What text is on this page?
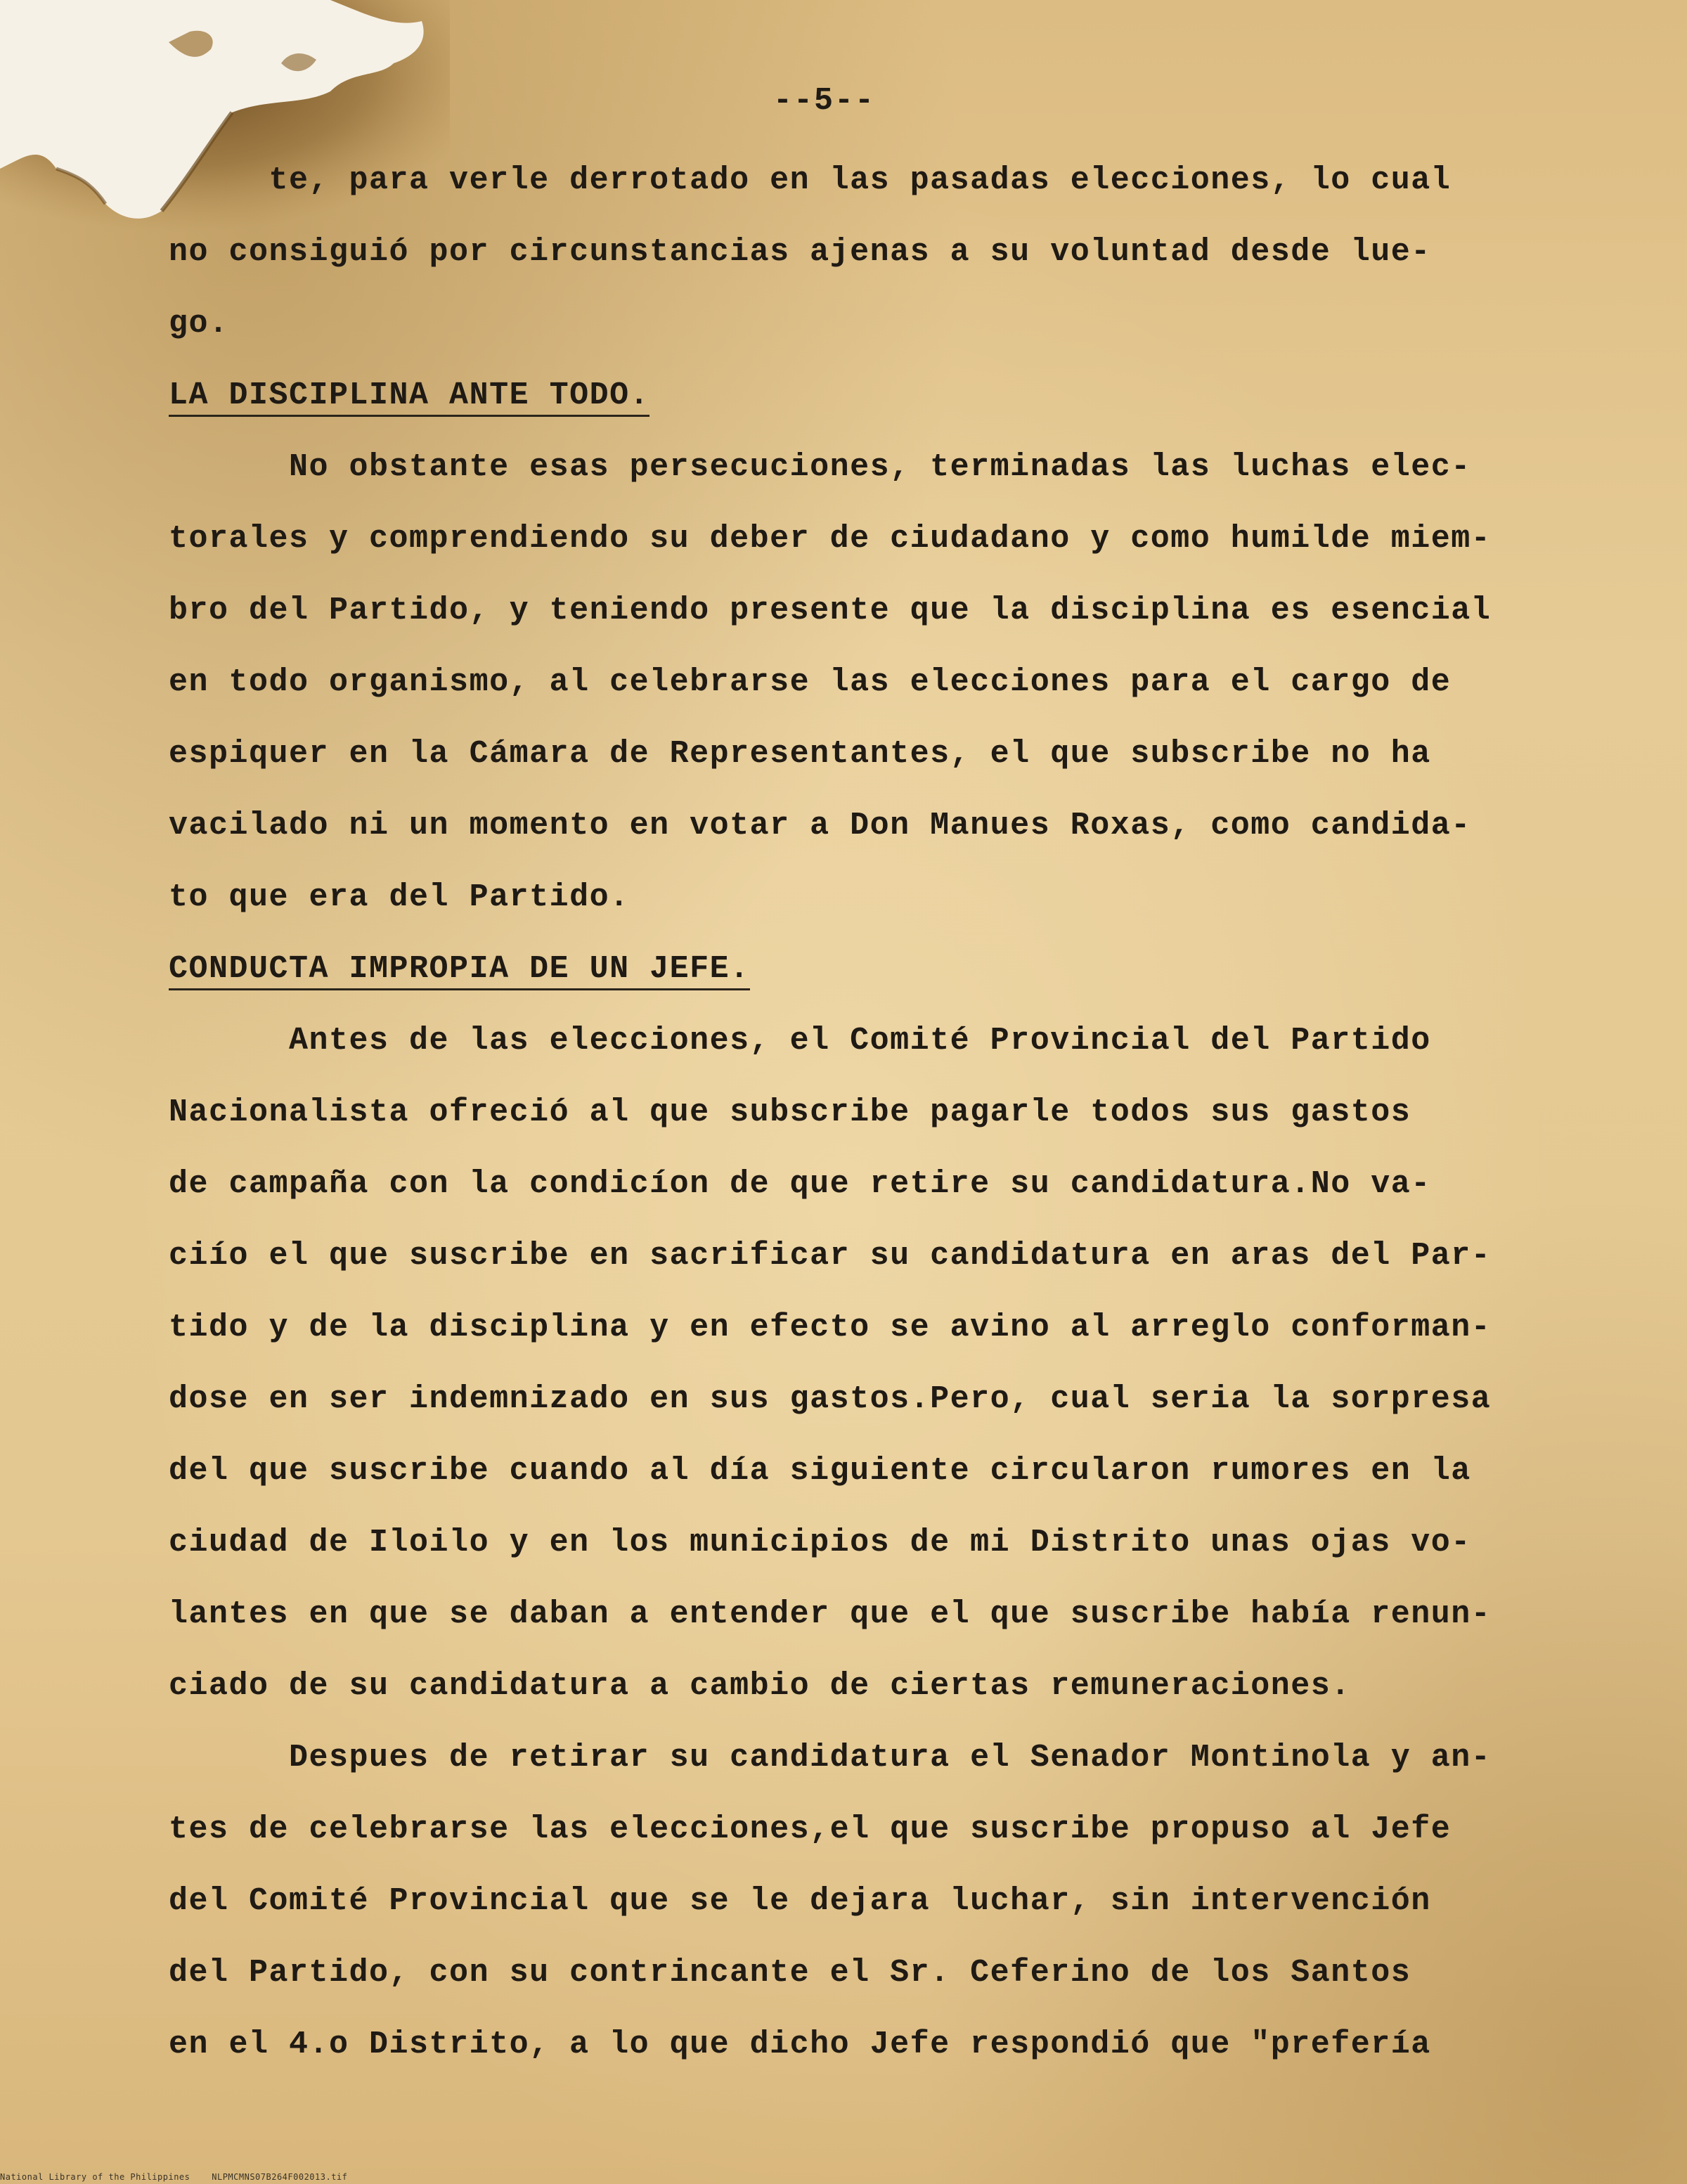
--5--
te, para verle derrotado en las pasadas elecciones, lo cual
no consiguió por circunstancias ajenas a su voluntad desde lue-
go.
LA DISCIPLINA ANTE TODO.
No obstante esas persecuciones, terminadas las luchas elec-
torales y comprendiendo su deber de ciudadano y como humilde miem-
bro del Partido, y teniendo presente que la disciplina es esencial
en todo organismo, al celebrarse las elecciones para el cargo de
espiquer en la Cámara de Representantes, el que subscribe no ha
vacilado ni un momento en votar a Don Manues Roxas, como candida-
to que era del Partido.
CONDUCTA IMPROPIA DE UN JEFE.
Antes de las elecciones, el Comité Provincial del Partido
Nacionalista ofreció al que subscribe pagarle todos sus gastos
de campaña con la condicíon de que retire su candidatura.No va-
ciío el que suscribe en sacrificar su candidatura en aras del Par-
tido y de la disciplina y en efecto se avino al arreglo conforman-
dose en ser indemnizado en sus gastos.Pero, cual seria la sorpresa
del que suscribe cuando al día siguiente circularon rumores en la
ciudad de Iloilo y en los municipios de mi Distrito unas ojas vo-
lantes en que se daban a entender que el que suscribe había renun-
ciado de su candidatura a cambio de ciertas remuneraciones.
Despues de retirar su candidatura el Senador Montinola y an-
tes de celebrarse las elecciones,el que suscribe propuso al Jefe
del Comité Provincial que se le dejara luchar, sin intervención
del Partido, con su contrincante el Sr. Ceferino de los Santos
en el 4.o Distrito, a lo que dicho Jefe respondió que "prefería
National Library of the Philippines    NLPMCMNS07B264F002013.tif
